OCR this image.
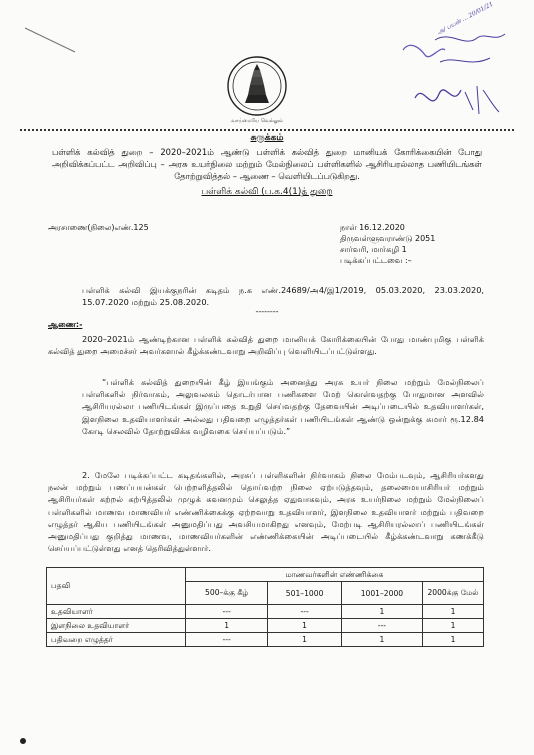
வாய்மையே வெல்லும்
சுருக்கம்
பள்ளிக் கல்வித் துறை – 2020–2021ம் ஆண்டு பள்ளிக் கல்வித் துறை மானியக் கோரிக்கையின் போது அறிவிக்கப்பட்ட அறிவிப்பு – அரசு உயர்நிலை மற்றும் மேல்நிலைப் பள்ளிகளில் ஆசிரியரல்லாத பணியிடங்கள் தோற்றுவித்தல் – ஆணை – வெளியிடப்படுகிறது.
பள்ளிக் கல்வி (ப.க.4(1)த் துறை
அரசாணை(நிலை)எண்.125	நாள் 16.12.2020
திருவள்ளுவராண்டு 2051
சார்வரி, மார்கழி 1
படிக்கப்பட்டவை :–
பள்ளிக் கல்வி இயக்குநரின் கடிதம் ந.க எண்.24689/அ4/இ1/2019, 05.03.2020, 23.03.2020, 15.07.2020 மற்றும் 25.08.2020.
--------
ஆணை:-
2020–2021ம் ஆண்டிற்கான பள்ளிக் கல்வித் துறை மானியக் கோரிக்கையின் போது மாண்புமிகு பள்ளிக் கல்வித் துறை அமைச்சர் அவர்களால் கீழ்க்கண்டவாறு அறிவிப்பு வெளியிடப்பட்டுள்ளது.
“பள்ளிக் கல்வித் துறையின் கீழ் இயங்கும் அனைத்து அரசு உயர் நிலை மற்றும் மேல்நிலைப் பள்ளிகளில் நிர்வாகம், அலுவலகம் தொடர்பான பணிகளை மேற் கொள்வதற்கு போதுமான அளவில் ஆசிரியரல்லா பணியிடங்கள் இருப்பதை உறுதி செய்வதற்கு தேவையின் அடிப்படையில் உதவியாளர்கள், இளநிலை உதவியாளர்கள் அல்லது பதிவறை எழுத்தர்கள் பணியிடங்கள் ஆண்டு ஒன்றுக்கு சுமார் ரூ.12.84 கோடி செலவில் தோற்றுவிக்க வழிவகை செய்யப்படும்.”
2. மேலே படிக்கப்பட்ட கடிதங்களில், அரசுப் பள்ளிகளின் நிர்வாகம் நிலை மேம்படவும், ஆசிரியர்களது நலன் மற்றும் பணப்பயன்கள் பெற்றளித்தலில் தொய்வற்ற நிலை ஏற்படுத்தவும், தலைமையாசிரியர் மற்றும் ஆசிரியர்கள் கற்றல் கற்பித்தலில் முழுக் கவனமும் செலுத்த ஏதுவாகவும், அரசு உயர்நிலை மற்றும் மேல்நிலைப் பள்ளிகளில் மாணவ மாணவியர் எண்ணிக்கைக்கு ஏற்றவாறு உதவியாளர், இளநிலை உதவியாளர் மற்றும் பதிவறை எழுத்தர் ஆகிய பணியிடங்கள் அனுமதிப்பது அவசியமாகிறது எனவும், மேற்படி ஆசிரியரல்லாப் பணியிடங்கள் அனுமதிப்பது குறித்து மாணவ, மாணவியர்களின் எண்ணிக்கையின் அடிப்படையில் கீழ்க்கண்டவாறு கணக்கீடு செய்யப்பட்டுள்ளது எனத் தெரிவித்துள்ளார்.
பதவி	மாணவர்களின் எண்ணிக்கை			
	500–க்கு கீழ்	501–1000	1001–2000	2000க்கு மேல்
உதவியாளர்	---	---	1	1
இளநிலை உதவியாளர்	1	1	---	1
பதிவறை எழுத்தர்	---	1	1	1
அ/ பயன் ... 20/01/21
